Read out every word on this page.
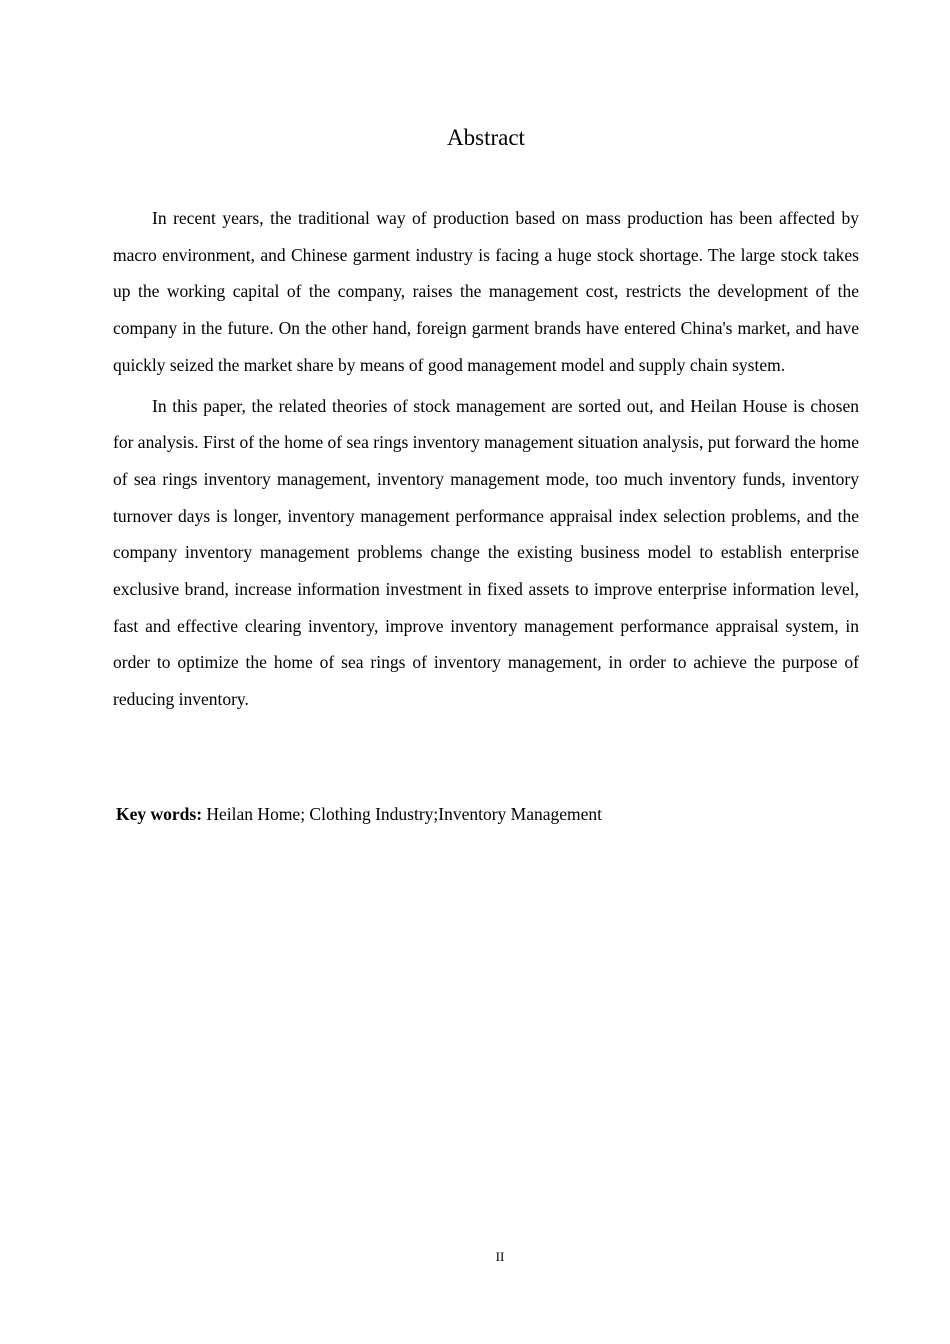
Abstract

In recent years, the traditional way of production based on mass production has been affected by macro environment, and Chinese garment industry is facing a huge stock shortage. The large stock takes up the working capital of the company, raises the management cost, restricts the development of the company in the future. On the other hand, foreign garment brands have entered China's market, and have quickly seized the market share by means of good management model and supply chain system.

In this paper, the related theories of stock management are sorted out, and Heilan House is chosen for analysis. First of the home of sea rings inventory management situation analysis, put forward the home of sea rings inventory management, inventory management mode, too much inventory funds, inventory turnover days is longer, inventory management performance appraisal index selection problems, and the company inventory management problems change the existing business model to establish enterprise exclusive brand, increase information investment in fixed assets to improve enterprise information level, fast and effective clearing inventory, improve inventory management performance appraisal system, in order to optimize the home of sea rings of inventory management, in order to achieve the purpose of reducing inventory.

Key words: Heilan Home; Clothing Industry;Inventory Management

II
